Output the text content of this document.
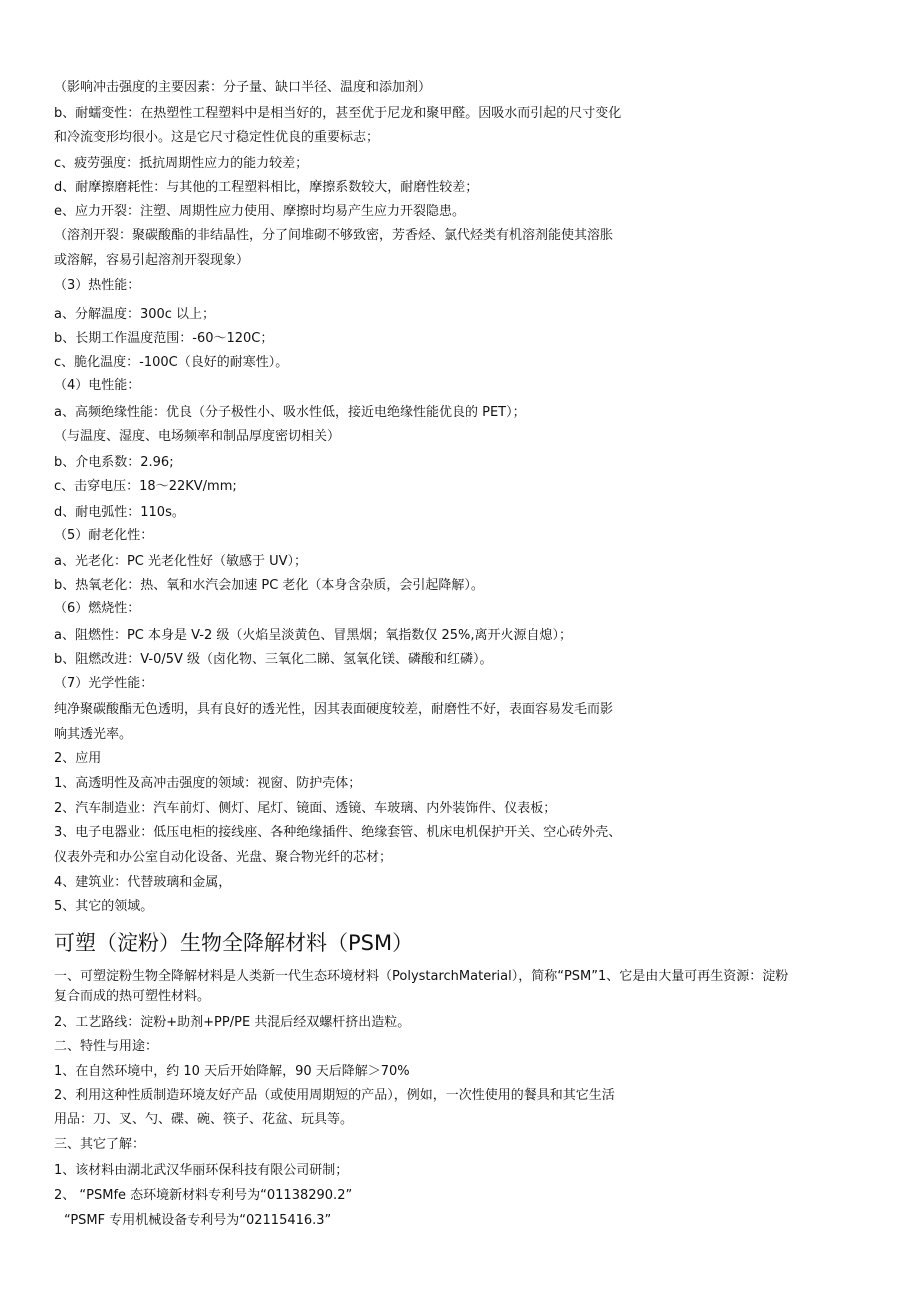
（影响冲击强度的主要因素：分子量、缺口半径、温度和添加剂）

b、耐蠕变性：在热塑性工程塑料中是相当好的，甚至优于尼龙和聚甲醛。因吸水而引起的尺寸变化

和冷流变形均很小。这是它尺寸稳定性优良的重要标志；

c、疲劳强度：抵抗周期性应力的能力较差；

d、耐摩擦磨耗性：与其他的工程塑料相比，摩擦系数较大，耐磨性较差；

e、应力开裂：注塑、周期性应力使用、摩擦时均易产生应力开裂隐患。

（溶剂开裂：聚碳酸酯的非结晶性，分了间堆砌不够致密，芳香烃、氯代烃类有机溶剂能使其溶胀

或溶解，容易引起溶剂开裂现象）

（3）热性能：

a、分解温度：300c 以上；

b、长期工作温度范围：-60～120C；

c、脆化温度：-100C（良好的耐寒性）。

（4）电性能：

a、高频绝缘性能：优良（分子极性小、吸水性低，接近电绝缘性能优良的 PET）；

（与温度、湿度、电场频率和制品厚度密切相关）

b、介电系数：2.96;

c、击穿电压：18～22KV/mm;

d、耐电弧性：110s。

（5）耐老化性：

a、光老化：PC 光老化性好（敏感于 UV）；

b、热氧老化：热、氧和水汽会加速 PC 老化（本身含杂质，会引起降解）。

（6）燃烧性：

a、阻燃性：PC 本身是 V-2 级（火焰呈淡黄色、冒黑烟；氧指数仅 25%,离开火源自熄）；

b、阻燃改进：V-0/5V 级（卤化物、三氧化二睇、氢氧化镁、磷酸和红磷）。

（7）光学性能：

纯净聚碳酸酯无色透明，具有良好的透光性，因其表面硬度较差，耐磨性不好，表面容易发毛而影

响其透光率。

2、应用

1、高透明性及高冲击强度的领域：视窗、防护壳体；

2、汽车制造业：汽车前灯、侧灯、尾灯、镜面、透镜、车玻璃、内外装饰件、仪表板；

3、电子电器业：低压电柜的接线座、各种绝缘插件、绝缘套管、机床电机保护开关、空心砖外壳、

仪表外壳和办公室自动化设备、光盘、聚合物光纤的芯材；

4、建筑业：代替玻璃和金属，

5、其它的领域。

可塑（淀粉）生物全降解材料（PSM）

一、可塑淀粉生物全降解材料是人类新一代生态环境材料（PolystarchMaterial），简称“PSM”1、它是由大量可再生资源：淀粉

复合而成的热可塑性材料。

2、工艺路线：淀粉+助剂+PP/PE 共混后经双螺杆挤出造粒。

二、特性与用途：

1、在自然环境中，约 10 天后开始降解，90 天后降解＞70%

2、利用这种性质制造环境友好产品（或使用周期短的产品），例如，一次性使用的餐具和其它生活

用品：刀、叉、勺、碟、碗、筷子、花盆、玩具等。

三、其它了解：

1、该材料由湖北武汉华丽环保科技有限公司研制；

2、 “PSMfe 态环境新材料专利号为“01138290.2”

“PSMF 专用机械设备专利号为“02115416.3”
